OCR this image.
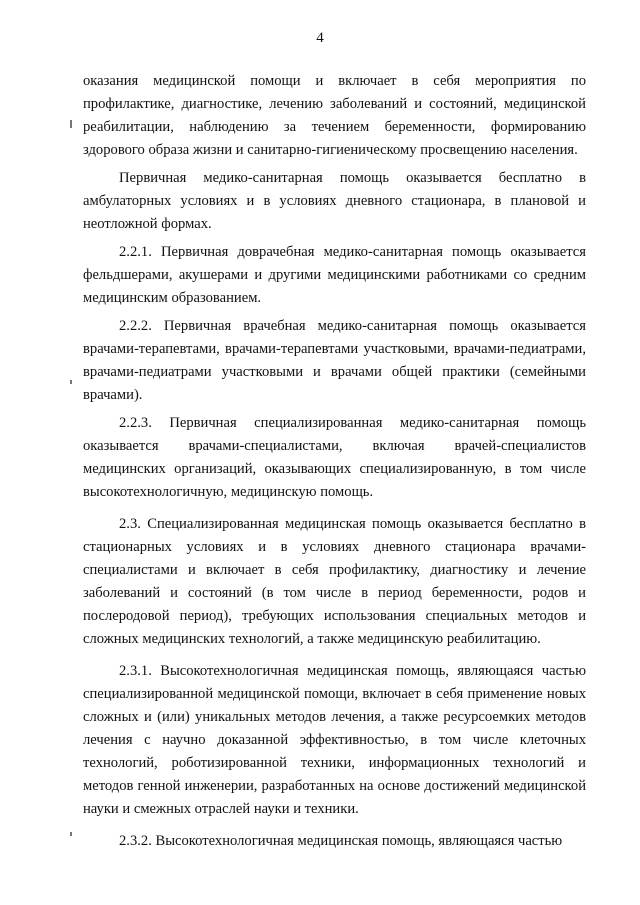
4

оказания медицинской помощи и включает в себя мероприятия по профилактике, диагностике, лечению заболеваний и состояний, медицинской реабилитации, наблюдению за течением беременности, формированию здорового образа жизни и санитарно-гигиеническому просвещению населения.

Первичная медико-санитарная помощь оказывается бесплатно в амбулаторных условиях и в условиях дневного стационара, в плановой и неотложной формах.

2.2.1. Первичная доврачебная медико-санитарная помощь оказывается фельдшерами, акушерами и другими медицинскими работниками со средним медицинским образованием.

2.2.2. Первичная врачебная медико-санитарная помощь оказывается врачами-терапевтами, врачами-терапевтами участковыми, врачами-педиатрами, врачами-педиатрами участковыми и врачами общей практики (семейными врачами).

2.2.3. Первичная специализированная медико-санитарная помощь оказывается врачами-специалистами, включая врачей-специалистов медицинских организаций, оказывающих специализированную, в том числе высокотехнологичную, медицинскую помощь.

2.3. Специализированная медицинская помощь оказывается бесплатно в стационарных условиях и в условиях дневного стационара врачами-специалистами и включает в себя профилактику, диагностику и лечение заболеваний и состояний (в том числе в период беременности, родов и послеродовой период), требующих использования специальных методов и сложных медицинских технологий, а также медицинскую реабилитацию.

2.3.1. Высокотехнологичная медицинская помощь, являющаяся частью специализированной медицинской помощи, включает в себя применение новых сложных и (или) уникальных методов лечения, а также ресурсоемких методов лечения с научно доказанной эффективностью, в том числе клеточных технологий, роботизированной техники, информационных технологий и методов генной инженерии, разработанных на основе достижений медицинской науки и смежных отраслей науки и техники.

2.3.2. Высокотехнологичная медицинская помощь, являющаяся частью
